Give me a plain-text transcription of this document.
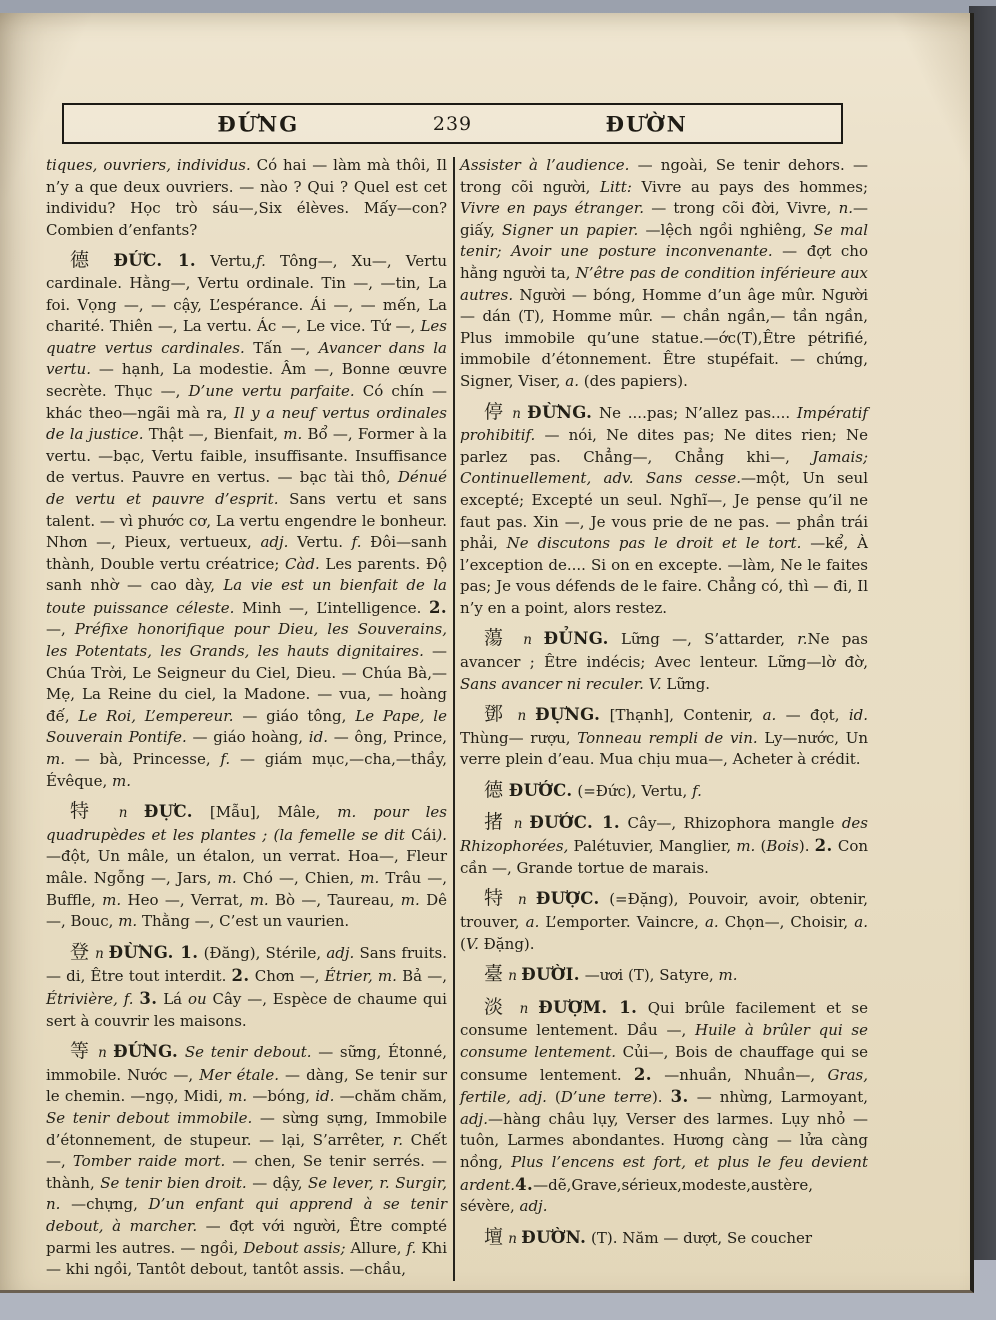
ĐỨNG	239	ĐƯỜN

tiques, ouvriers, individus. Có hai — làm mà thôi, Il n’y a que deux ouvriers. — nào ? Qui ? Quel est cet individu? Học trò sáu—,Six élèves. Mấy—con? Combien d’enfants?

德 ĐỨC. 1. Vertu,f. Tông—, Xu—, Vertu cardinale. Hằng—, Vertu ordinale. Tin —, —tin, La foi. Vọng —, — cậy, L’espérance. Ái —, — mến, La charité. Thiên —, La vertu. Ác —, Le vice. Tứ —, Les quatre vertus cardinales. Tấn —, Avancer dans la vertu. — hạnh, La modestie. Âm —, Bonne œuvre secrète. Thục —, D’une vertu parfaite. Có chín — khác theo—ngãi mà ra, Il y a neuf vertus ordinales de la justice. Thật —, Bienfait, m. Bổ —, Former à la vertu. —bạc, Vertu faible, insuffisante. Insuffisance de vertus. Pauvre en vertus. — bạc tài thô, Dénué de vertu et pauvre d’esprit. Sans vertu et sans talent. — vì phước cơ, La vertu engendre le bonheur. Nhơn —, Pieux, vertueux, adj. Vertu. f. Đôi—sanh thành, Double vertu créatrice; Càd. Les parents. Độ sanh nhờ — cao dày, La vie est un bienfait de la toute puissance céleste. Minh —, L’intelligence. 2. —, Préfixe honorifique pour Dieu, les Souverains, les Potentats, les Grands, les hauts dignitaires. — Chúa Trời, Le Seigneur du Ciel, Dieu. — Chúa Bà,—Mẹ, La Reine du ciel, la Madone. — vua, — hoàng đế, Le Roi, L’empereur. — giáo tông, Le Pape, le Souverain Pontife. — giáo hoàng, id. — ông, Prince, m. — bà, Princesse, f. — giám mục,—cha,—thầy, Évêque, m.

特 n ĐỰC. [Mẫu], Mâle, m. pour les quadrupèdes et les plantes ; (la femelle se dit Cái). —đột, Un mâle, un étalon, un verrat. Hoa—, Fleur mâle. Ngỗng —, Jars, m. Chó —, Chien, m. Trâu —, Buffle, m. Heo —, Verrat, m. Bò —, Taureau, m. Dê —, Bouc, m. Thằng —, C’est un vaurien.

登 n ĐỪNG. 1. (Đăng), Stérile, adj. Sans fruits. — di, Être tout interdit. 2. Chơn —, Étrier, m. Bả —, Étrivière, f. 3. Lá ou Cây —, Espèce de chaume qui sert à couvrir les maisons.

等 n ĐỨNG. Se tenir debout. — sững, Étonné, immobile. Nước —, Mer étale. — dàng, Se tenir sur le chemin. —ngọ, Midi, m. —bóng, id. —chăm chăm, Se tenir debout immobile. — sừng sựng, Immobile d’étonnement, de stupeur. — lại, S’arrêter, r. Chết —, Tomber raide mort. — chen, Se tenir serrés. — thành, Se tenir bien droit. — dậy, Se lever, r. Surgir, n. —chựng, D’un enfant qui apprend à se tenir debout, à marcher. — đợt với người, Être compté parmi les autres. — ngồi, Debout assis; Allure, f. Khi — khi ngồi, Tantôt debout, tantôt assis. —chầu,

Assister à l’audience. — ngoài, Se tenir dehors. — trong cõi người, Litt: Vivre au pays des hommes; Vivre en pays étranger. — trong cõi đời, Vivre, n.— giấy, Signer un papier. —lệch ngồi nghiêng, Se mal tenir; Avoir une posture inconvenante. — đợt cho hằng người ta, N’être pas de condition inférieure aux autres. Người — bóng, Homme d’un âge mûr. Người — dán (T), Homme mûr. — chần ngần,— tần ngần, Plus immobile qu’une statue.—ớc(T),Être pétrifié, immobile d’étonnement. Être stupéfait. — chứng, Signer, Viser, a. (des papiers).

停 n ĐỪNG. Ne ....pas; N’allez pas.... Impératif prohibitif. — nói, Ne dites pas; Ne dites rien; Ne parlez pas. Chẳng—, Chẳng khi—, Jamais; Continuellement, adv. Sans cesse.—một, Un seul excepté; Excepté un seul. Nghĩ—, Je pense qu’il ne faut pas. Xin —, Je vous prie de ne pas. — phần trái phải, Ne discutons pas le droit et le tort. —kể, À l’exception de.... Si on en excepte. —làm, Ne le faites pas; Je vous défends de le faire. Chẳng có, thì — đi, Il n’y en a point, alors restez.

蕩 n ĐỦNG. Lững —, S’attarder, r.Ne pas avancer ; Être indécis; Avec lenteur. Lững—lờ đờ, Sans avancer ni reculer. V. Lững.

鄧 n ĐỰNG. [Thạnh], Contenir, a. — đọt, id. Thùng— rượu, Tonneau rempli de vin. Ly—nước, Un verre plein d’eau. Mua chịu mua—, Acheter à crédit.

德 ĐƯỚC. (=Đức), Vertu, f.

㨋 n ĐƯỚC. 1. Cây—, Rhizophora mangle des Rhizophorées, Palétuvier, Manglier, m. (Bois). 2. Con cần —, Grande tortue de marais.

特 n ĐƯỢC. (=Đặng), Pouvoir, avoir, obtenir, trouver, a. L’emporter. Vaincre, a. Chọn—, Choisir, a. (V. Đặng).

臺 n ĐƯỜI. —ươi (T), Satyre, m.

淡 n ĐƯỢM. 1. Qui brûle facilement et se consume lentement. Dầu —, Huile à brûler qui se consume lentement. Củi—, Bois de chauffage qui se consume lentement. 2. —nhuần, Nhuần—, Gras, fertile, adj. (D’une terre). 3. — nhừng, Larmoyant, adj.—hàng châu lụy, Verser des larmes. Lụy nhỏ — tuôn, Larmes abondantes. Hương càng — lửa càng nồng, Plus l’encens est fort, et plus le feu devient ardent.4.—dẽ,Grave,sérieux,modeste,austère, sévère, adj.

壇 n ĐƯỜN. (T). Năm — dượt, Se coucher
